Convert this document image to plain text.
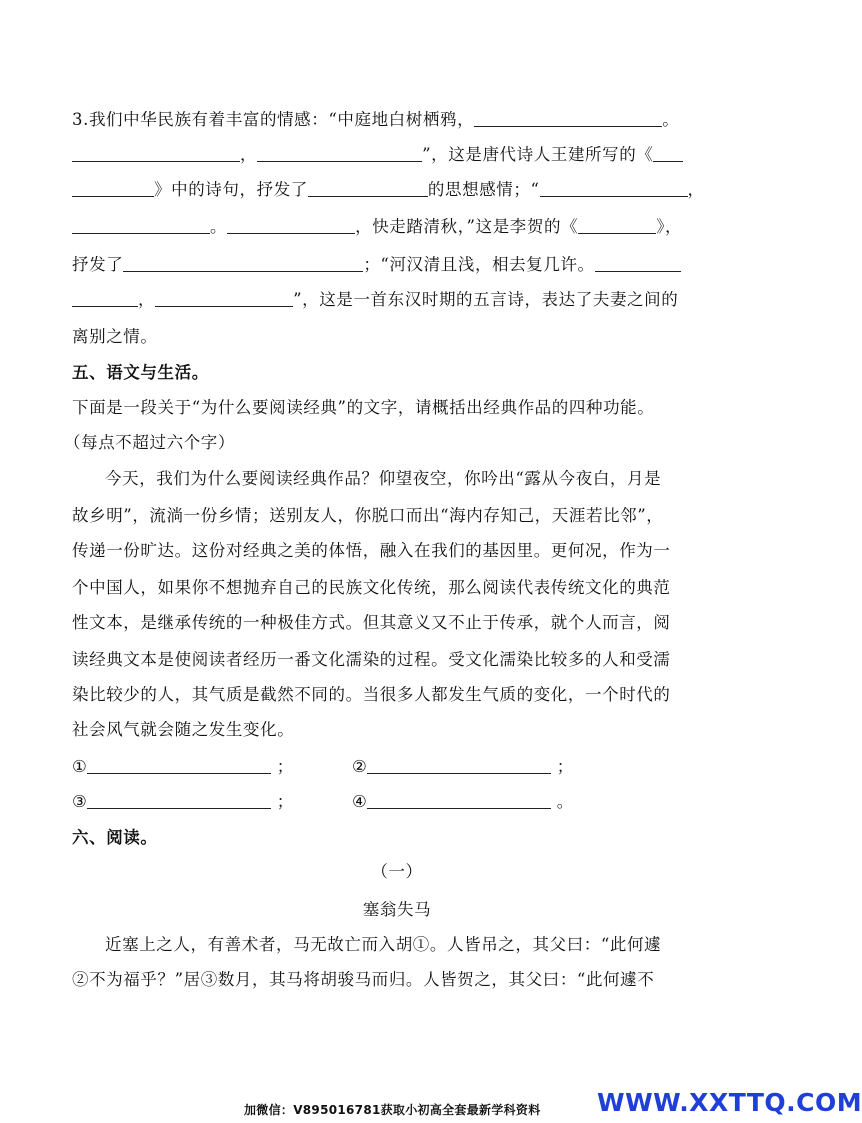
3.我们中华民族有着丰富的情感：“中庭地白树栖鸦，	。
，	”，这是唐代诗人王建所写的《
》中的诗句，抒发了	的思想感情；“	，
。	，快走踏清秋，”这是李贺的《	》，
抒发了	；“河汉清且浅，相去复几许。
，	”，这是一首东汉时期的五言诗，表达了夫妻之间的
离别之情。
五、语文与生活。
下面是一段关于“为什么要阅读经典”的文字，请概括出经典作品的四种功能。
（每点不超过六个字）
今天，我们为什么要阅读经典作品？仰望夜空，你吟出“露从今夜白，月是
故乡明”，流淌一份乡情；送别友人，你脱口而出“海内存知己，天涯若比邻”，
传递一份旷达。这份对经典之美的体悟，融入在我们的基因里。更何况，作为一
个中国人，如果你不想抛弃自己的民族文化传统，那么阅读代表传统文化的典范
性文本，是继承传统的一种极佳方式。但其意义又不止于传承，就个人而言，阅
读经典文本是使阅读者经历一番文化濡染的过程。受文化濡染比较多的人和受濡
染比较少的人，其气质是截然不同的。当很多人都发生气质的变化，一个时代的
社会风气就会随之发生变化。
①	；	②	；
③	；	④	。
六、阅读。
（一）
塞翁失马
近塞上之人，有善术者，马无故亡而入胡①。人皆吊之，其父曰：“此何遽
②不为福乎？”居③数月，其马将胡骏马而归。人皆贺之，其父曰：“此何遽不
加微信：V895016781获取小初高全套最新学科资料 WWW.XXTTQ.COM
